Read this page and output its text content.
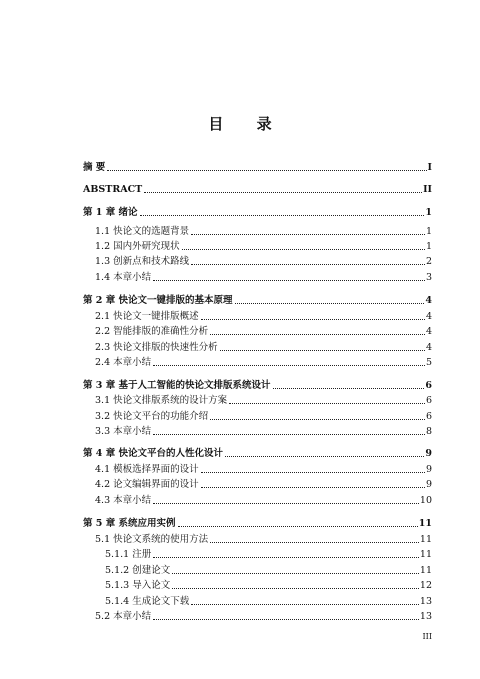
目 录
摘 要	I
ABSTRACT	II
第 1 章 绪论	1
1.1 快论文的选题背景	1
1.2 国内外研究现状	1
1.3 创新点和技术路线	2
1.4 本章小结	3
第 2 章 快论文一键排版的基本原理	4
2.1 快论文一键排版概述	4
2.2 智能排版的准确性分析	4
2.3 快论文排版的快速性分析	4
2.4 本章小结	5
第 3 章 基于人工智能的快论文排版系统设计	6
3.1 快论文排版系统的设计方案	6
3.2 快论文平台的功能介绍	6
3.3 本章小结	8
第 4 章 快论文平台的人性化设计	9
4.1 模板选择界面的设计	9
4.2 论文编辑界面的设计	9
4.3 本章小结	10
第 5 章 系统应用实例	11
5.1 快论文系统的使用方法	11
5.1.1 注册	11
5.1.2 创建论文	11
5.1.3 导入论文	12
5.1.4 生成论文下载	13
5.2 本章小结	13
III
